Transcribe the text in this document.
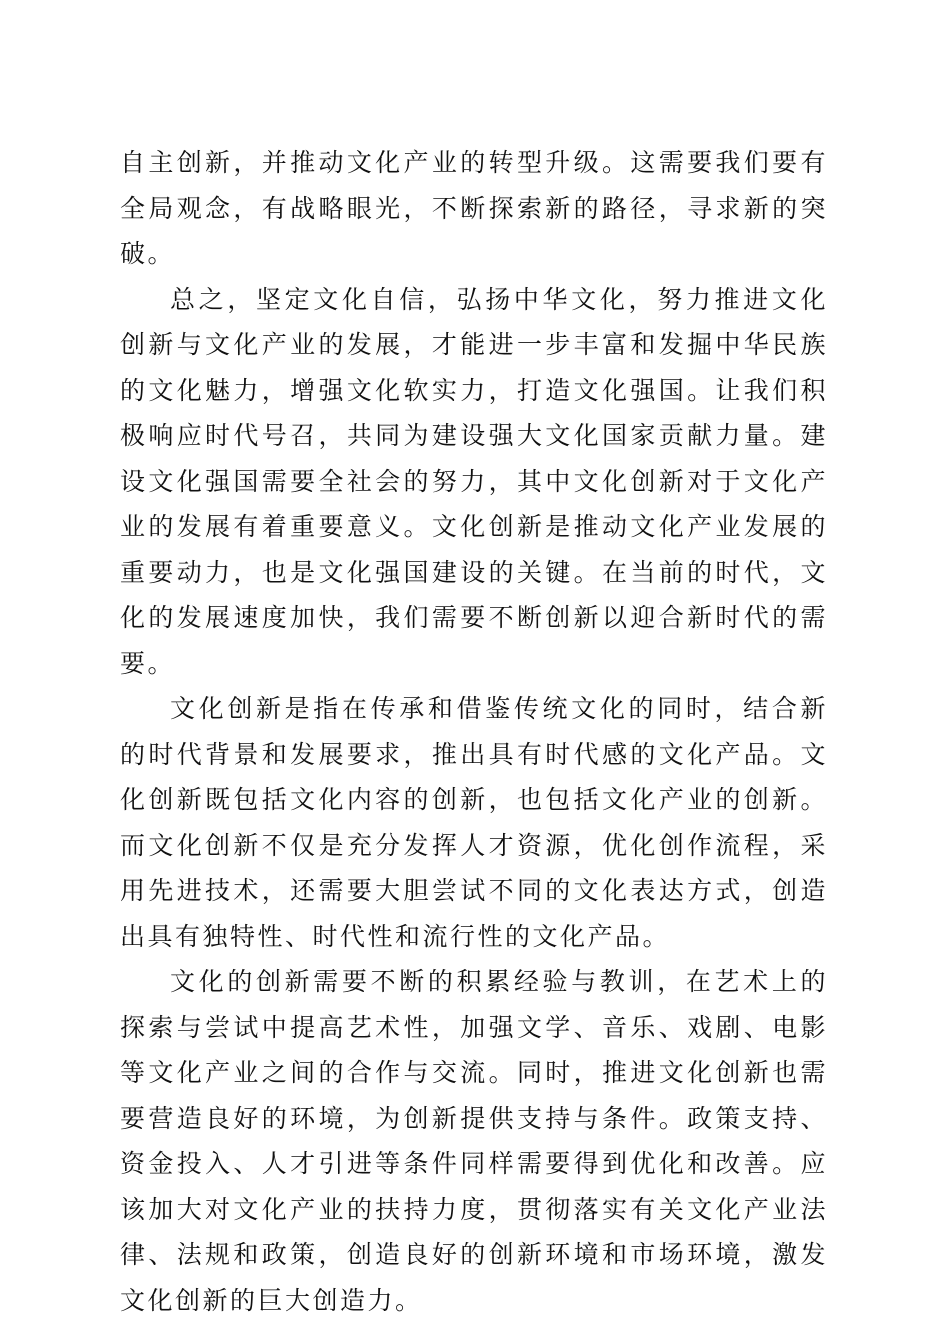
自主创新，并推动文化产业的转型升级。这需要我们要有全局观念，有战略眼光，不断探索新的路径，寻求新的突破。

总之，坚定文化自信，弘扬中华文化，努力推进文化创新与文化产业的发展，才能进一步丰富和发掘中华民族的文化魅力，增强文化软实力，打造文化强国。让我们积极响应时代号召，共同为建设强大文化国家贡献力量。建设文化强国需要全社会的努力，其中文化创新对于文化产业的发展有着重要意义。文化创新是推动文化产业发展的重要动力，也是文化强国建设的关键。在当前的时代，文化的发展速度加快，我们需要不断创新以迎合新时代的需要。

文化创新是指在传承和借鉴传统文化的同时，结合新的时代背景和发展要求，推出具有时代感的文化产品。文化创新既包括文化内容的创新，也包括文化产业的创新。而文化创新不仅是充分发挥人才资源，优化创作流程，采用先进技术，还需要大胆尝试不同的文化表达方式，创造出具有独特性、时代性和流行性的文化产品。

文化的创新需要不断的积累经验与教训，在艺术上的探索与尝试中提高艺术性，加强文学、音乐、戏剧、电影等文化产业之间的合作与交流。同时，推进文化创新也需要营造良好的环境，为创新提供支持与条件。政策支持、资金投入、人才引进等条件同样需要得到优化和改善。应该加大对文化产业的扶持力度，贯彻落实有关文化产业法律、法规和政策，创造良好的创新环境和市场环境，激发文化创新的巨大创造力。
